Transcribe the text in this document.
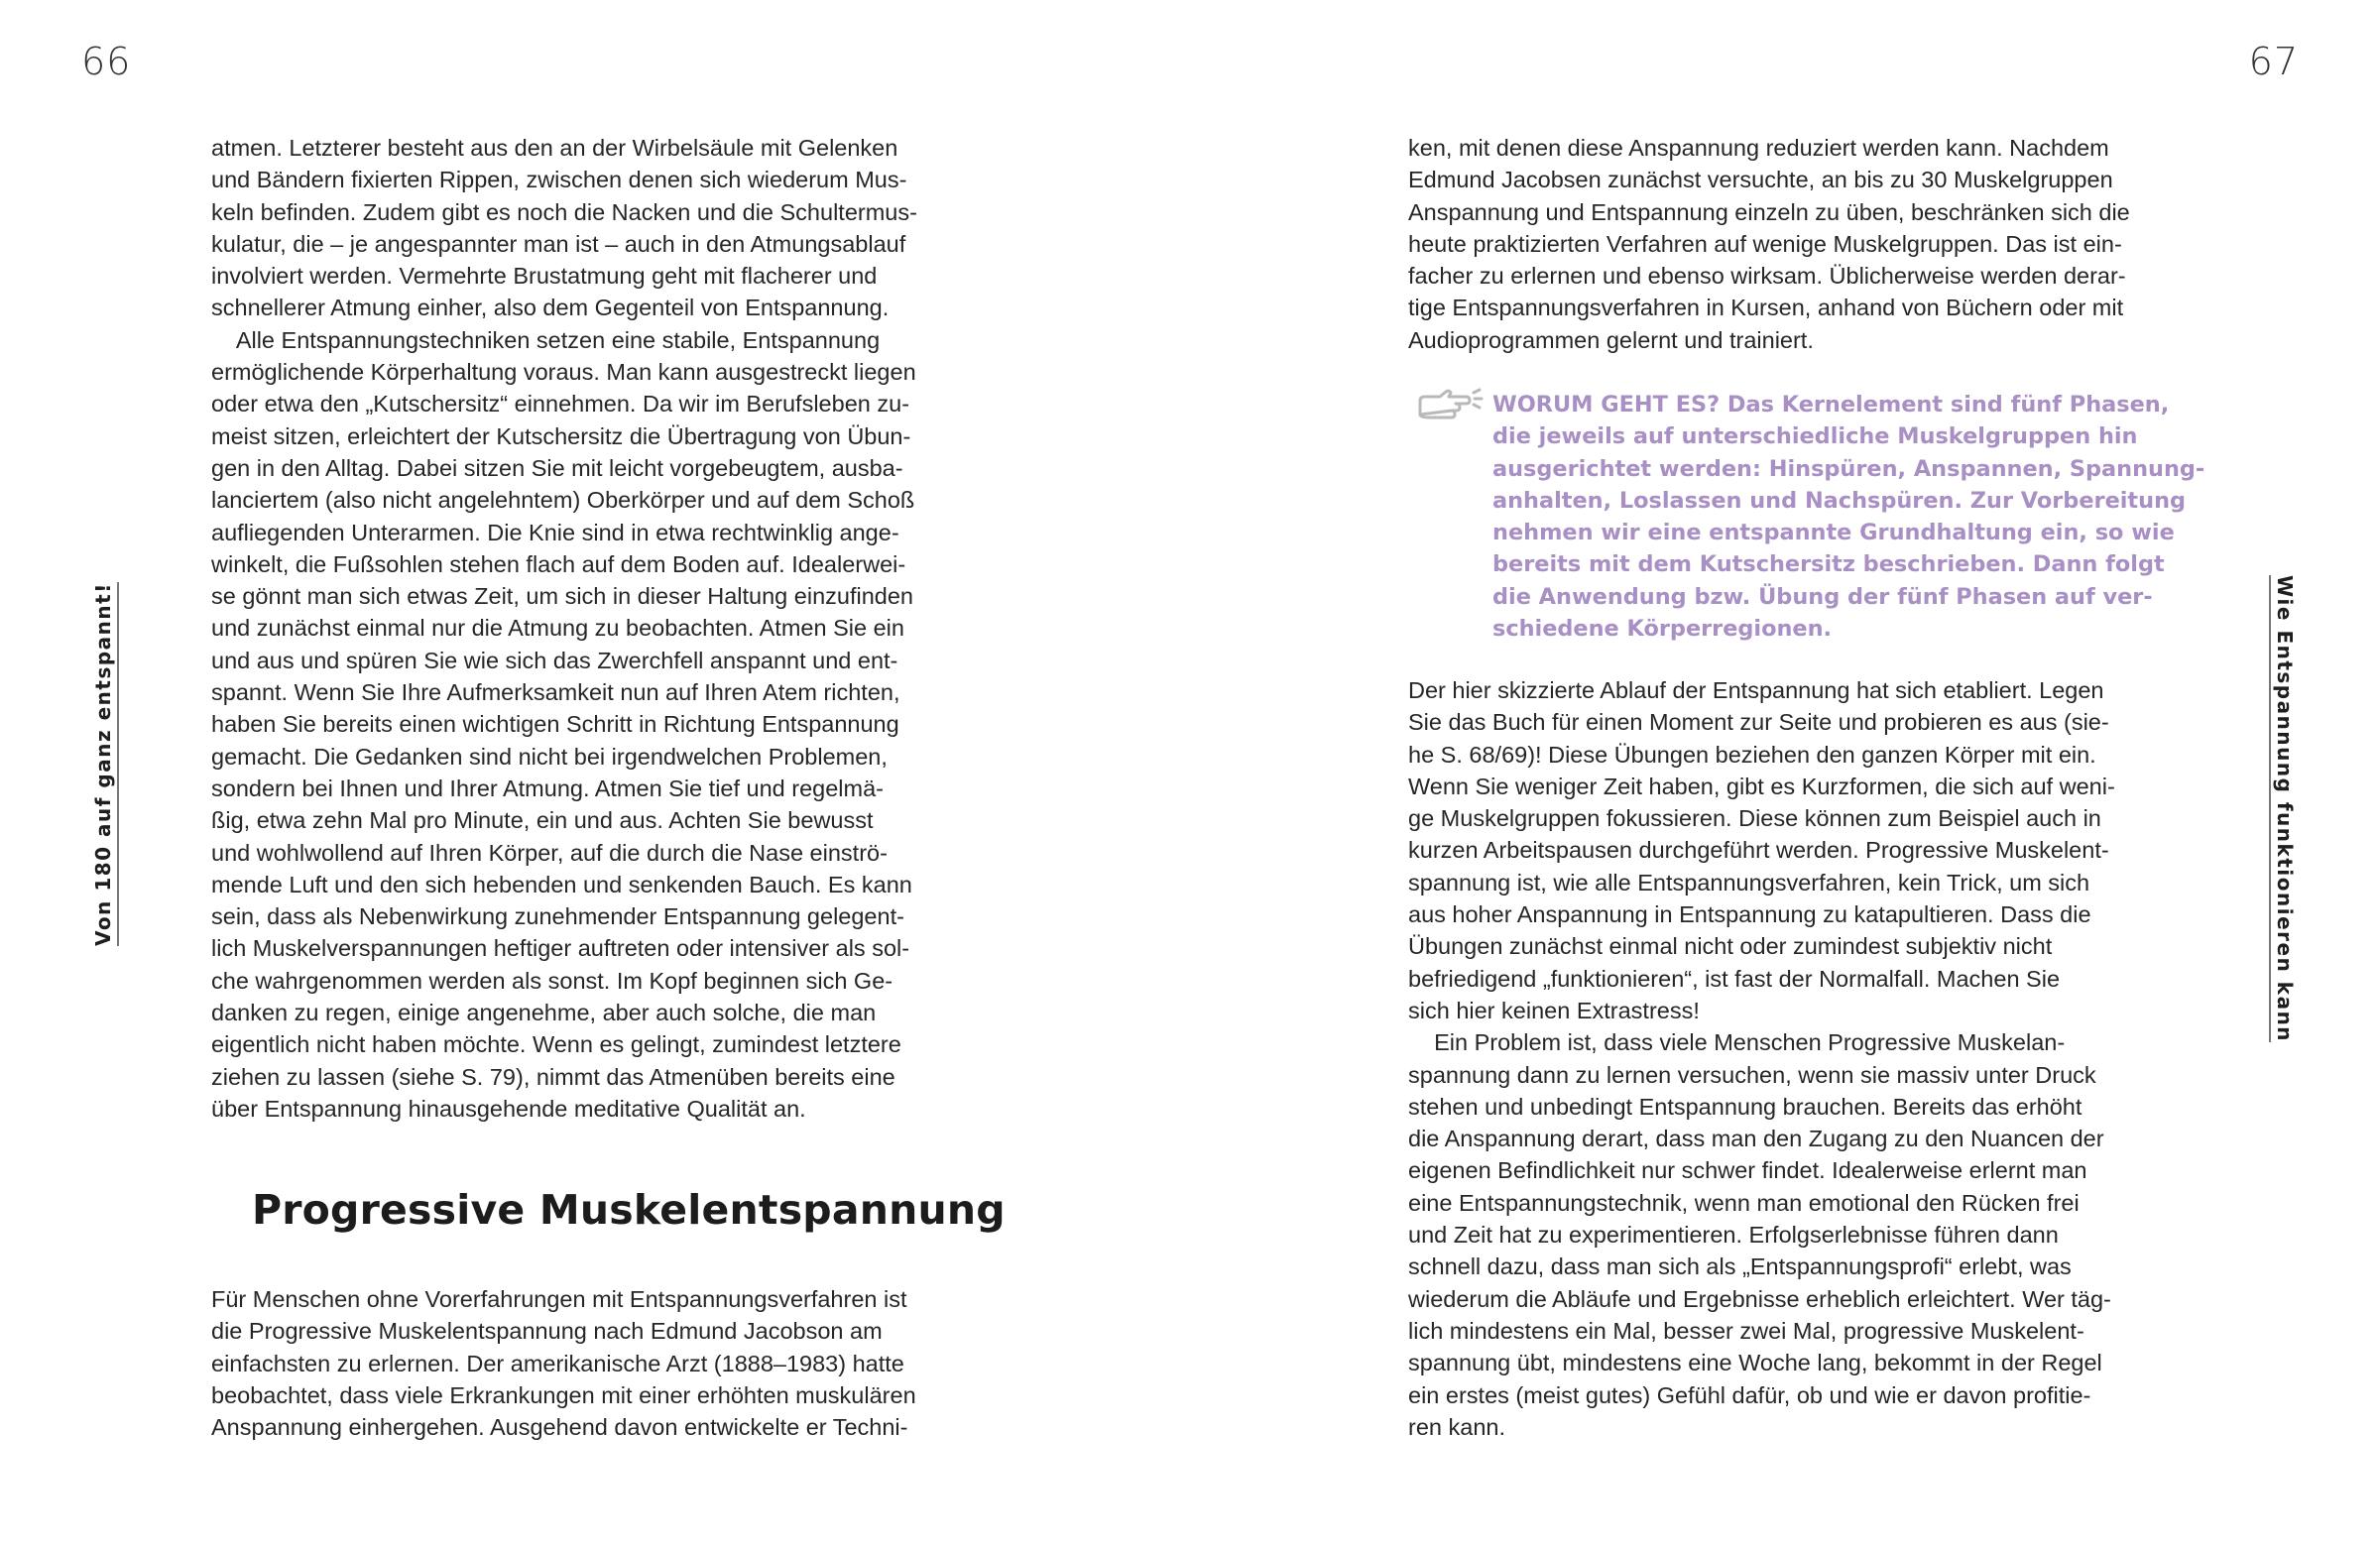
66	67
Von 180 auf ganz entspannt!	Wie Entspannung funktionieren kann
atmen. Letzterer besteht aus den an der Wirbelsäule mit Gelenken
und Bändern fixierten Rippen, zwischen denen sich wiederum Mus-
keln befinden. Zudem gibt es noch die Nacken und die Schultermus-
kulatur, die – je angespannter man ist – auch in den Atmungsablauf
involviert werden. Vermehrte Brustatmung geht mit flacherer und
schnellerer Atmung einher, also dem Gegenteil von Entspannung.
Alle Entspannungstechniken setzen eine stabile, Entspannung
ermöglichende Körperhaltung voraus. Man kann ausgestreckt liegen
oder etwa den „Kutschersitz“ einnehmen. Da wir im Berufsleben zu-
meist sitzen, erleichtert der Kutschersitz die Übertragung von Übun-
gen in den Alltag. Dabei sitzen Sie mit leicht vorgebeugtem, ausba-
lanciertem (also nicht angelehntem) Oberkörper und auf dem Schoß
aufliegenden Unterarmen. Die Knie sind in etwa rechtwinklig ange-
winkelt, die Fußsohlen stehen flach auf dem Boden auf. Idealerwei-
se gönnt man sich etwas Zeit, um sich in dieser Haltung einzufinden
und zunächst einmal nur die Atmung zu beobachten. Atmen Sie ein
und aus und spüren Sie wie sich das Zwerchfell anspannt und ent-
spannt. Wenn Sie Ihre Aufmerksamkeit nun auf Ihren Atem richten,
haben Sie bereits einen wichtigen Schritt in Richtung Entspannung
gemacht. Die Gedanken sind nicht bei irgendwelchen Problemen,
sondern bei Ihnen und Ihrer Atmung. Atmen Sie tief und regelmä-
ßig, etwa zehn Mal pro Minute, ein und aus. Achten Sie bewusst
und wohlwollend auf Ihren Körper, auf die durch die Nase einströ-
mende Luft und den sich hebenden und senkenden Bauch. Es kann
sein, dass als Nebenwirkung zunehmender Entspannung gelegent-
lich Muskelverspannungen heftiger auftreten oder intensiver als sol-
che wahrgenommen werden als sonst. Im Kopf beginnen sich Ge-
danken zu regen, einige angenehme, aber auch solche, die man
eigentlich nicht haben möchte. Wenn es gelingt, zumindest letztere
ziehen zu lassen (siehe S. 79), nimmt das Atmenüben bereits eine
über Entspannung hinausgehende meditative Qualität an.
Progressive Muskelentspannung
Für Menschen ohne Vorerfahrungen mit Entspannungsverfahren ist
die Progressive Muskelentspannung nach Edmund Jacobson am
einfachsten zu erlernen. Der amerikanische Arzt (1888–1983) hatte
beobachtet, dass viele Erkrankungen mit einer erhöhten muskulären
Anspannung einhergehen. Ausgehend davon entwickelte er Techni-
ken, mit denen diese Anspannung reduziert werden kann. Nachdem
Edmund Jacobsen zunächst versuchte, an bis zu 30 Muskelgruppen
Anspannung und Entspannung einzeln zu üben, beschränken sich die
heute praktizierten Verfahren auf wenige Muskelgruppen. Das ist ein-
facher zu erlernen und ebenso wirksam. Üblicherweise werden derar-
tige Entspannungsverfahren in Kursen, anhand von Büchern oder mit
Audioprogrammen gelernt und trainiert.
WORUM GEHT ES? Das Kernelement sind fünf Phasen,
die jeweils auf unterschiedliche Muskelgruppen hin
ausgerichtet werden: Hinspüren, Anspannen, Spannung-
anhalten, Loslassen und Nachspüren. Zur Vorbereitung
nehmen wir eine entspannte Grundhaltung ein, so wie
bereits mit dem Kutschersitz beschrieben. Dann folgt
die Anwendung bzw. Übung der fünf Phasen auf ver-
schiedene Körperregionen.
Der hier skizzierte Ablauf der Entspannung hat sich etabliert. Legen
Sie das Buch für einen Moment zur Seite und probieren es aus (sie-
he S. 68/69)! Diese Übungen beziehen den ganzen Körper mit ein.
Wenn Sie weniger Zeit haben, gibt es Kurzformen, die sich auf weni-
ge Muskelgruppen fokussieren. Diese können zum Beispiel auch in
kurzen Arbeitspausen durchgeführt werden. Progressive Muskelent-
spannung ist, wie alle Entspannungsverfahren, kein Trick, um sich
aus hoher Anspannung in Entspannung zu katapultieren. Dass die
Übungen zunächst einmal nicht oder zumindest subjektiv nicht
befriedigend „funktionieren“, ist fast der Normalfall. Machen Sie
sich hier keinen Extrastress!
Ein Problem ist, dass viele Menschen Progressive Muskelan-
spannung dann zu lernen versuchen, wenn sie massiv unter Druck
stehen und unbedingt Entspannung brauchen. Bereits das erhöht
die Anspannung derart, dass man den Zugang zu den Nuancen der
eigenen Befindlichkeit nur schwer findet. Idealerweise erlernt man
eine Entspannungstechnik, wenn man emotional den Rücken frei
und Zeit hat zu experimentieren. Erfolgserlebnisse führen dann
schnell dazu, dass man sich als „Entspannungsprofi“ erlebt, was
wiederum die Abläufe und Ergebnisse erheblich erleichtert. Wer täg-
lich mindestens ein Mal, besser zwei Mal, progressive Muskelent-
spannung übt, mindestens eine Woche lang, bekommt in der Regel
ein erstes (meist gutes) Gefühl dafür, ob und wie er davon profitie-
ren kann.
